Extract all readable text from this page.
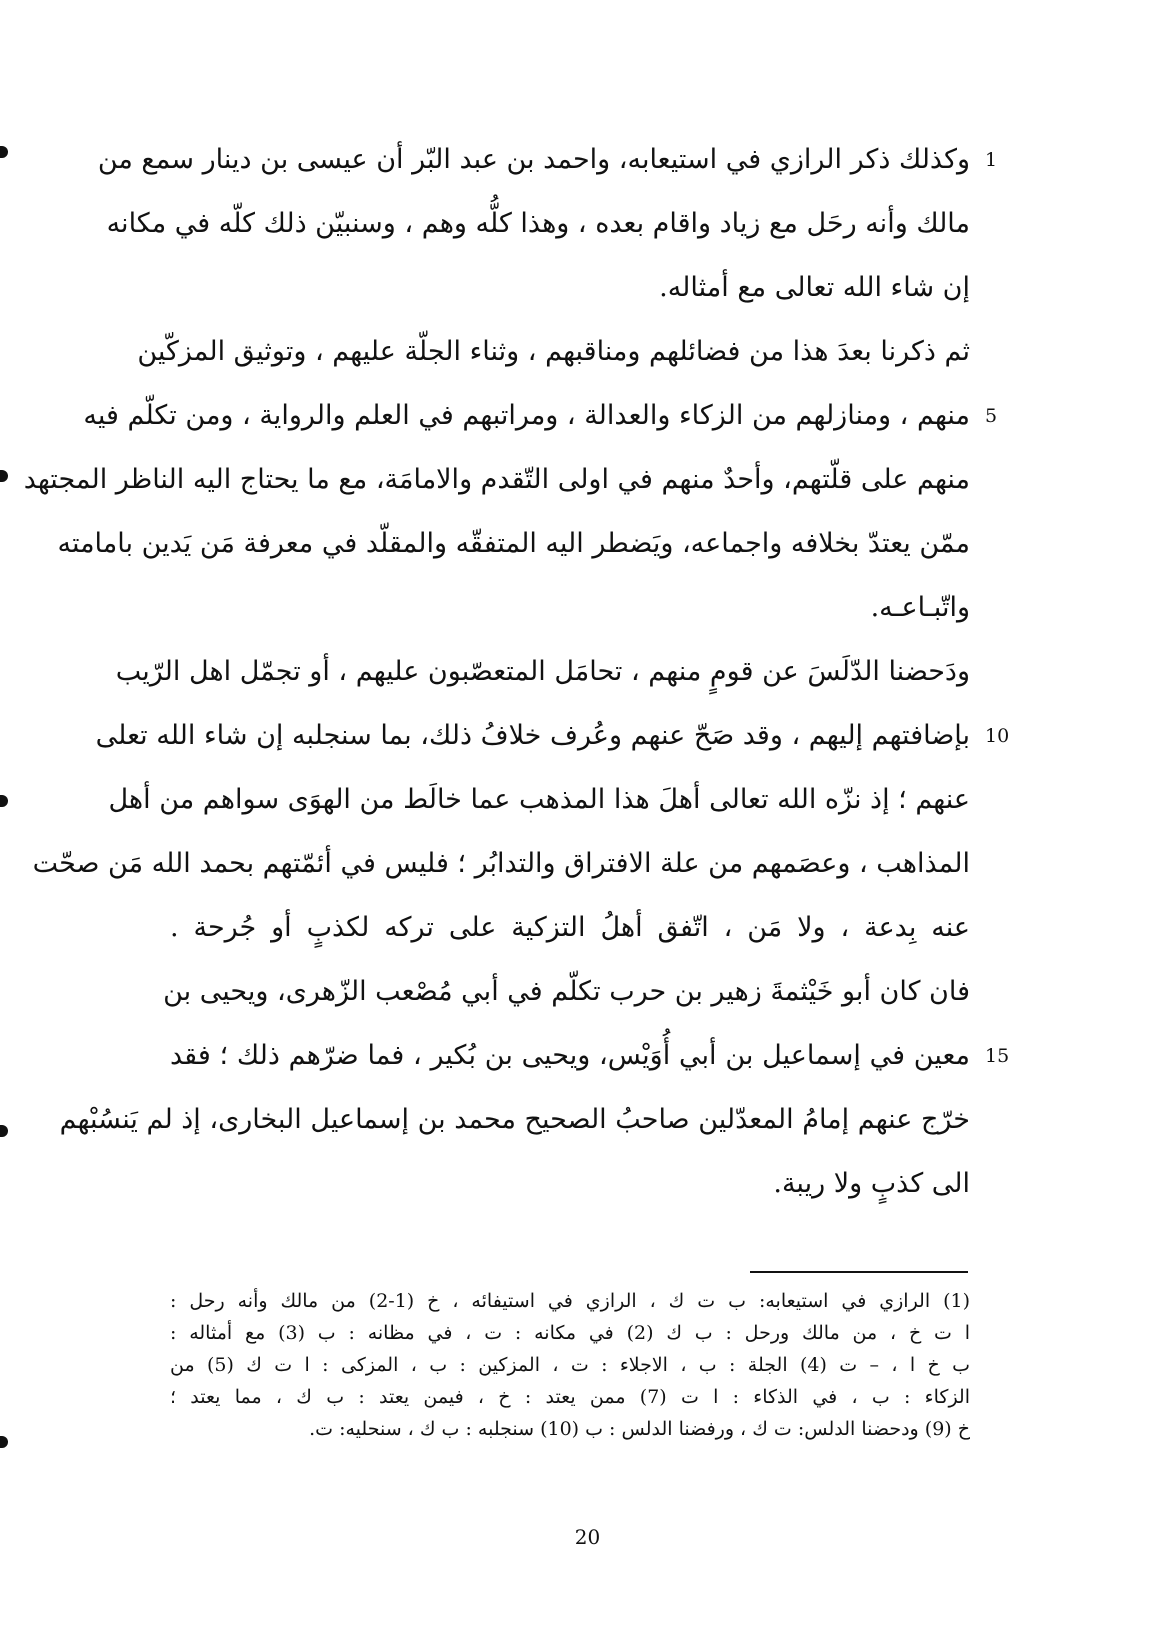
وكذلك ذكر الرازي في استيعابه، واحمد بن عبد البّر أن عيسى بن دينار سمع من
مالك وأنه رحَل مع زياد واقام بعده ، وهذا كلُّه وهم ، وسنبيّن ذلك كلّه في مكانه
إن شاء الله تعالى مع أمثاله.
ثم ذكرنا بعدَ هذا من فضائلهم ومناقبهم ، وثناء الجلّة عليهم ، وتوثيق المزكّين
منهم ، ومنازلهم من الزكاء والعدالة ، ومراتبهم في العلم والرواية ، ومن تكلّم فيه
منهم على قلّتهم، وأحدٌ منهم في اولى التّقدم والامامَة، مع ما يحتاج اليه الناظر المجتهد
ممّن يعتدّ بخلافه واجماعه، ويَضطر اليه المتفقّه والمقلّد في معرفة مَن يَدين بامامته
واتّبـاعـه.
ودَحضنا الدّلَسَ عن قومٍ منهم ، تحامَل المتعصّبون عليهم ، أو تجمّل اهل الرّيب
بإضافتهم إليهم ، وقد صَحّ عنهم وعُرف خلافُ ذلك، بما سنجلبه إن شاء الله تعلى
عنهم ؛ إذ نزّه الله تعالى أهلَ هذا المذهب عما خالَط من الهوَى سواهم من أهل
المذاهب ، وعصَمهم من علة الافتراق والتدابُر ؛ فليس في أئمّتهم بحمد الله مَن صحّت
عنه بِدعة ، ولا مَن ، اتّفق أهلُ التزكية على تركه لكذبٍ أو جُرحة .
فان كان أبو خَيْثمةَ زهير بن حرب تكلّم في أبي مُصْعب الزّهرى، ويحيى بن
معين في إسماعيل بن أبي أُوَيْس، ويحيى بن بُكير ، فما ضرّهم ذلك ؛ فقد
خرّج عنهم إمامُ المعدّلين صاحبُ الصحيح محمد بن إسماعيل البخارى، إذ لم يَنسُبْهم
الى كذبٍ ولا ريبة.
1
5
10
15
(1) الرازي في استيعابه: ب ت ك ، الرازي في استيفائه ، خ (1-2) من مالك وأنه رحل :
ا ت خ ، من مالك ورحل : ب ك (2) في مكانه : ت ، في مظانه : ب (3) مع أمثاله :
ب خ ا ، – ت (4) الجلة : ب ، الاجلاء : ت ، المزكين : ب ، المزكى : ا ت ك (5) من
الزكاء : ب ، في الذكاء : ا ت (7) ممن يعتد : خ ، فيمن يعتد : ب ك ، مما يعتد ؛
خ (9) ودحضنا الدلس: ت ك ، ورفضنا الدلس : ب (10) سنجلبه : ب ك ، سنحليه: ت.
20
